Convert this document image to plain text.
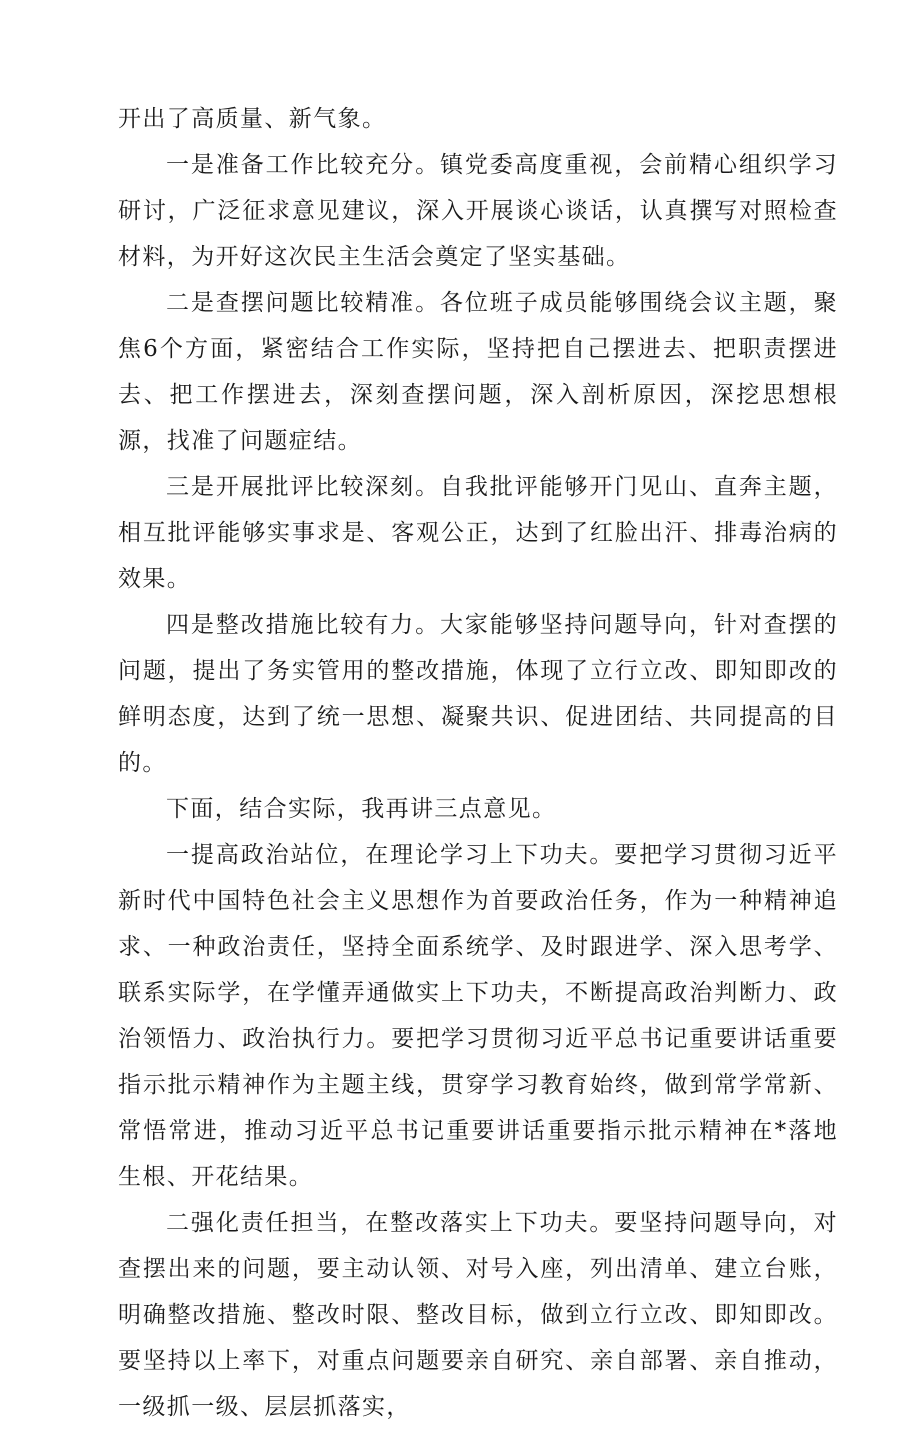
开出了高质量、新气象。

一是准备工作比较充分。镇党委高度重视，会前精心组织学习研讨，广泛征求意见建议，深入开展谈心谈话，认真撰写对照检查材料，为开好这次民主生活会奠定了坚实基础。

二是查摆问题比较精准。各位班子成员能够围绕会议主题，聚焦6个方面，紧密结合工作实际，坚持把自己摆进去、把职责摆进去、把工作摆进去，深刻查摆问题，深入剖析原因，深挖思想根源，找准了问题症结。

三是开展批评比较深刻。自我批评能够开门见山、直奔主题，相互批评能够实事求是、客观公正，达到了红脸出汗、排毒治病的效果。

四是整改措施比较有力。大家能够坚持问题导向，针对查摆的问题，提出了务实管用的整改措施，体现了立行立改、即知即改的鲜明态度，达到了统一思想、凝聚共识、促进团结、共同提高的目的。

下面，结合实际，我再讲三点意见。

一提高政治站位，在理论学习上下功夫。要把学习贯彻习近平新时代中国特色社会主义思想作为首要政治任务，作为一种精神追求、一种政治责任，坚持全面系统学、及时跟进学、深入思考学、联系实际学，在学懂弄通做实上下功夫，不断提高政治判断力、政治领悟力、政治执行力。要把学习贯彻习近平总书记重要讲话重要指示批示精神作为主题主线，贯穿学习教育始终，做到常学常新、常悟常进，推动习近平总书记重要讲话重要指示批示精神在*落地生根、开花结果。

二强化责任担当，在整改落实上下功夫。要坚持问题导向，对查摆出来的问题，要主动认领、对号入座，列出清单、建立台账，明确整改措施、整改时限、整改目标，做到立行立改、即知即改。要坚持以上率下，对重点问题要亲自研究、亲自部署、亲自推动，一级抓一级、层层抓落实，
